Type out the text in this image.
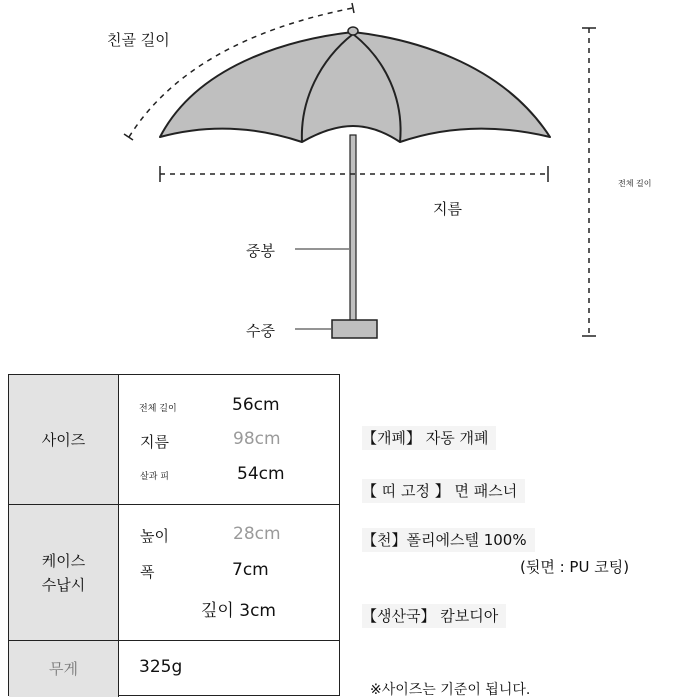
친골 길이
전체 길이
지름
중봉
수중
사이즈
전체 길이	56cm
지름	98cm
살과 피	54cm
케이스
수납시
높이	28cm
폭	7cm
깊이 3cm
무게	325g
【개폐】 자동 개폐
【 띠 고정 】 면 패스너
【천】폴리에스텔 100%
(뒷면 : PU 코팅)
【생산국】 캄보디아
※사이즈는 기준이 됩니다.
